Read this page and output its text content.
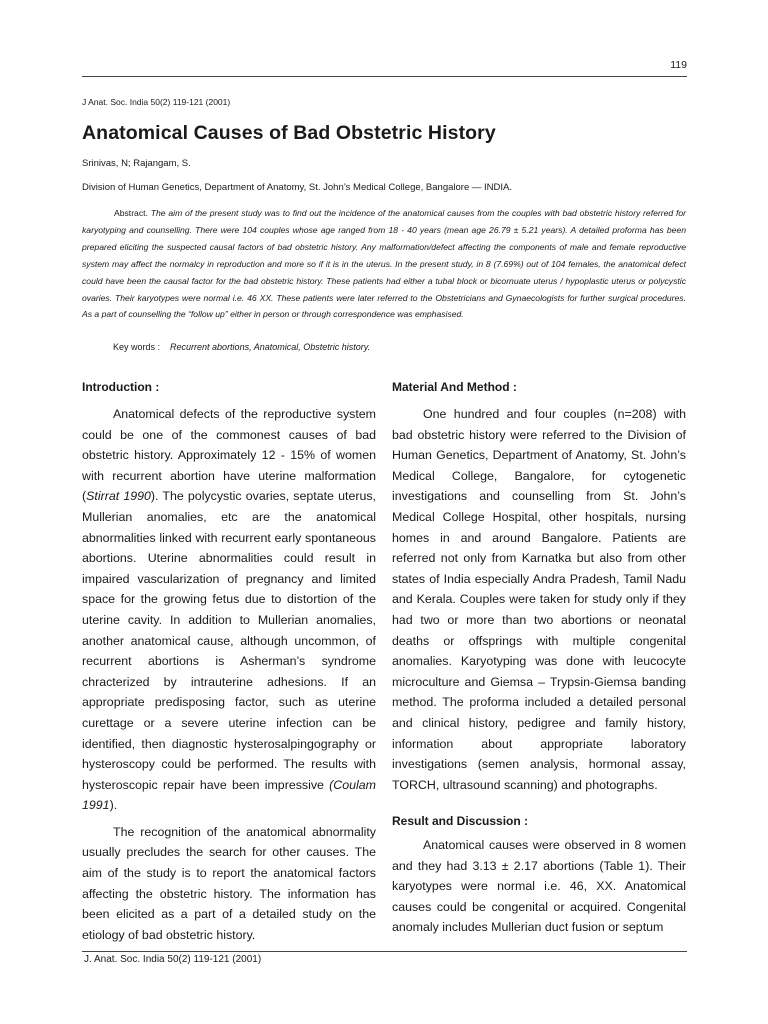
119
J Anat. Soc. India 50(2) 119-121 (2001)
Anatomical Causes of Bad Obstetric History
Srinivas, N; Rajangam, S.
Division of Human Genetics, Department of Anatomy, St. John’s Medical College, Bangalore — INDIA.
Abstract. The aim of the present study was to find out the incidence of the anatomical causes from the couples with bad obstetric history referred for karyotyping and counselling. There were 104 couples whose age ranged from 18 - 40 years (mean age 26.79 ± 5.21 years). A detailed proforma has been prepared eliciting the suspected causal factors of bad obstetric history. Any malformation/defect affecting the components of male and female reproductive system may affect the normalcy in reproduction and more so if it is in the uterus. In the present study, in 8 (7.69%) out of 104 females, the anatomical defect could have been the causal factor for the bad obstetric history. These patients had either a tubal block or bicornuate uterus / hypoplastic uterus or polycystic ovaries. Their karyotypes were normal i.e. 46 XX. These patients were later referred to the Obstetricians and Gynaecologists for further surgical procedures. As a part of counselling the “follow up” either in person or through correspondence was emphasised.
Key words : Recurrent abortions, Anatomical, Obstetric history.
Introduction :

Anatomical defects of the reproductive system could be one of the commonest causes of bad obstetric history. Approximately 12 - 15% of women with recurrent abortion have uterine malformation (Stirrat 1990). The polycystic ovaries, septate uterus, Mullerian anomalies, etc are the anatomical abnormalities linked with recurrent early spontaneous abortions. Uterine abnormalities could result in impaired vascularization of pregnancy and limited space for the growing fetus due to distortion of the uterine cavity. In addition to Mullerian anomalies, another anatomical cause, although uncommon, of recurrent abortions is Asherman’s syndrome chracterized by intrauterine adhesions. If an appropriate predisposing factor, such as uterine curettage or a severe uterine infection can be identified, then diagnostic hysterosalpingography or hysteroscopy could be performed. The results with hysteroscopic repair have been impressive (Coulam 1991).

The recognition of the anatomical abnormality usually precludes the search for other causes. The aim of the study is to report the anatomical factors affecting the obstetric history. The information has been elicited as a part of a detailed study on the etiology of bad obstetric history.

Material And Method :

One hundred and four couples (n=208) with bad obstetric history were referred to the Division of Human Genetics, Department of Anatomy, St. John’s Medical College, Bangalore, for cytogenetic investigations and counselling from St. John’s Medical College Hospital, other hospitals, nursing homes in and around Bangalore. Patients are referred not only from Karnatka but also from other states of India especially Andra Pradesh, Tamil Nadu and Kerala. Couples were taken for study only if they had two or more than two abortions or neonatal deaths or offsprings with multiple congenital anomalies. Karyotyping was done with leucocyte microculture and Giemsa – Trypsin-Giemsa banding method. The proforma included a detailed personal and clinical history, pedigree and family history, information about appropriate laboratory investigations (semen analysis, hormonal assay, TORCH, ultrasound scanning) and photographs.

Result and Discussion :

Anatomical causes were observed in 8 women and they had 3.13 ± 2.17 abortions (Table 1). Their karyotypes were normal i.e. 46, XX. Anatomical causes could be congenital or acquired. Congenital anomaly includes Mullerian duct fusion or septum

J. Anat. Soc. India 50(2) 119-121 (2001)
